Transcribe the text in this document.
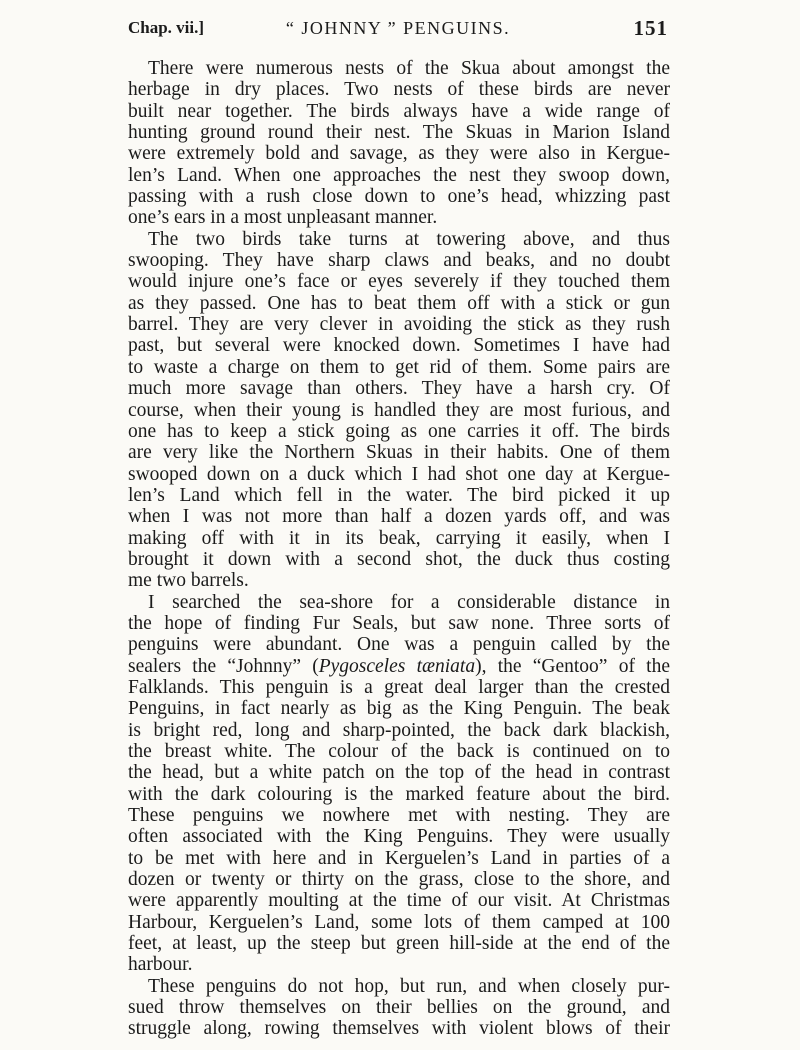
Chap. vii.]	“ JOHNNY ” PENGUINS.	151
There were numerous nests of the Skua about amongst the
herbage in dry places. Two nests of these birds are never
built near together. The birds always have a wide range of
hunting ground round their nest. The Skuas in Marion Island
were extremely bold and savage, as they were also in Kergue-
len’s Land. When one approaches the nest they swoop down,
passing with a rush close down to one’s head, whizzing past
one’s ears in a most unpleasant manner.
The two birds take turns at towering above, and thus
swooping. They have sharp claws and beaks, and no doubt
would injure one’s face or eyes severely if they touched them
as they passed. One has to beat them off with a stick or gun
barrel. They are very clever in avoiding the stick as they rush
past, but several were knocked down. Sometimes I have had
to waste a charge on them to get rid of them. Some pairs are
much more savage than others. They have a harsh cry. Of
course, when their young is handled they are most furious, and
one has to keep a stick going as one carries it off. The birds
are very like the Northern Skuas in their habits. One of them
swooped down on a duck which I had shot one day at Kergue-
len’s Land which fell in the water. The bird picked it up
when I was not more than half a dozen yards off, and was
making off with it in its beak, carrying it easily, when I
brought it down with a second shot, the duck thus costing
me two barrels.
I searched the sea-shore for a considerable distance in
the hope of finding Fur Seals, but saw none. Three sorts of
penguins were abundant. One was a penguin called by the
sealers the “Johnny” (Pygosceles tæniata), the “Gentoo” of the
Falklands. This penguin is a great deal larger than the crested
Penguins, in fact nearly as big as the King Penguin. The beak
is bright red, long and sharp-pointed, the back dark blackish,
the breast white. The colour of the back is continued on to
the head, but a white patch on the top of the head in contrast
with the dark colouring is the marked feature about the bird.
These penguins we nowhere met with nesting. They are
often associated with the King Penguins. They were usually
to be met with here and in Kerguelen’s Land in parties of a
dozen or twenty or thirty on the grass, close to the shore, and
were apparently moulting at the time of our visit. At Christmas
Harbour, Kerguelen’s Land, some lots of them camped at 100
feet, at least, up the steep but green hill-side at the end of the
harbour.
These penguins do not hop, but run, and when closely pur-
sued throw themselves on their bellies on the ground, and
struggle along, rowing themselves with violent blows of their
